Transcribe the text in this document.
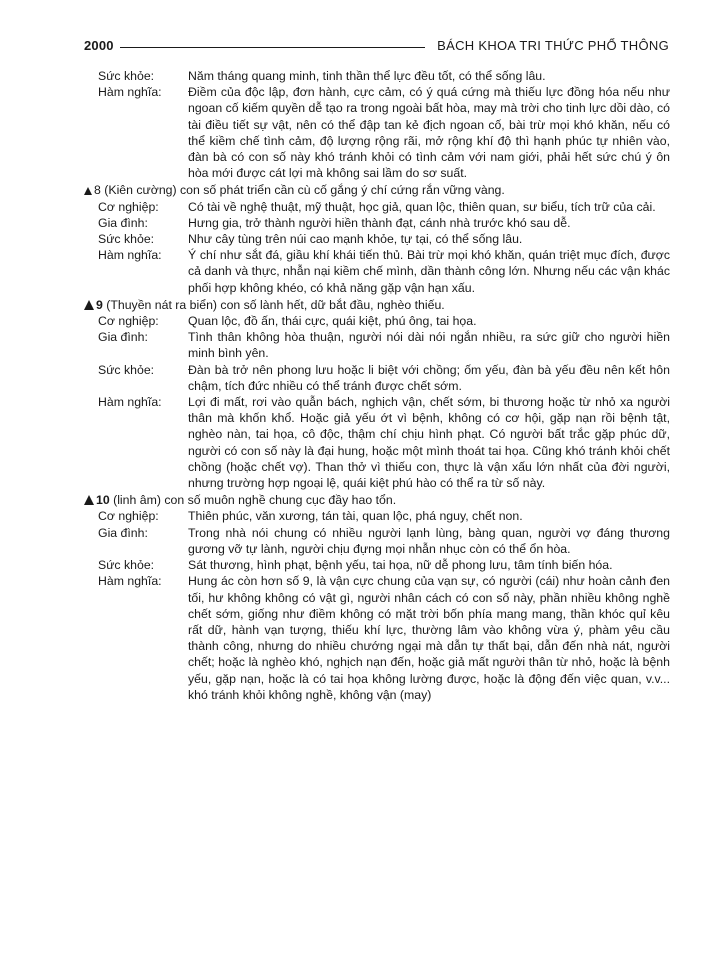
2000	BÁCH KHOA TRI THỨC PHỔ THÔNG
Sức khỏe:	Năm tháng quang minh, tinh thần thể lực đều tốt, có thể sống lâu.
Hàm nghĩa:	Điềm của độc lập, đơn hành, cực cảm, có ý quá cứng mà thiếu lực đồng hóa nếu như ngoan cố kiếm quyền dễ tạo ra trong ngoài bất hòa, may mà trời cho tinh lực dồi dào, có tài điều tiết sự vật, nên có thể đập tan kẻ địch ngoan cố, bài trừ mọi khó khăn, nếu có thể kiềm chế tình cảm, độ lượng rộng rãi, mở rộng khí độ thì hạnh phúc tự nhiên vào, đàn bà có con số này khó tránh khỏi có tình cảm với nam giới, phải hết sức chú ý ôn hòa mới được cát lợi mà không sai lầm do sơ suất.
8
(Kiên cường) con số phát triển cần cù cố gắng ý chí cứng rắn vững vàng.
Cơ nghiệp:	Có tài về nghệ thuật, mỹ thuật, học giả, quan lộc, thiên quan, sư biểu, tích trữ của cải.
Gia đình:	Hưng gia, trở thành người hiền thành đạt, cánh nhà trước khó sau dễ.
Sức khỏe:	Như cây tùng trên núi cao mạnh khỏe, tự tại, có thể sống lâu.
Hàm nghĩa:	Ý chí như sắt đá, giầu khí khái tiến thủ. Bài trừ mọi khó khăn, quán triệt mục đích, được cả danh và thực, nhẫn nại kiềm chế mình, dần thành công lớn. Nhưng nếu các vận khác phối hợp không khéo, có khả năng gặp vận hạn xấu.
9
(Thuyền nát ra biển) con số lành hết, dữ bắt đầu, nghèo thiếu.
Cơ nghiệp:	Quan lộc, đồ ấn, thái cực, quái kiệt, phú ông, tai họa.
Gia đình:	Tình thân không hòa thuận, người nói dài nói ngắn nhiều, ra sức giữ cho người hiền minh bình yên.
Sức khỏe:	Đàn bà trở nên phong lưu hoặc li biệt với chồng; ốm yếu, đàn bà yếu đều nên kết hôn chậm, tích đức nhiều có thể tránh được chết sớm.
Hàm nghĩa:	Lợi đi mất, rơi vào quẫn bách, nghịch vận, chết sớm, bi thương hoặc từ nhỏ xa người thân mà khốn khổ. Hoặc giả yếu ớt vì bệnh, không có cơ hội, gặp nạn rồi bệnh tật, nghèo nàn, tai họa, cô độc, thậm chí chịu hình phạt. Có người bất trắc gặp phúc dữ, người có con số này là đại hung, hoặc một mình thoát tai họa. Cũng khó tránh khỏi chết chồng (hoặc chết vợ). Than thở vì thiếu con, thực là vận xấu lớn nhất của đời người, nhưng trường hợp ngoại lệ, quái kiệt phú hào có thể ra từ số này.
10
(linh âm) con số muôn nghề chung cục đầy hao tổn.
Cơ nghiệp:	Thiên phúc, văn xương, tán tài, quan lộc, phá nguy, chết non.
Gia đình:	Trong nhà nói chung có nhiều người lạnh lùng, bàng quan, người vợ đáng thương gương vỡ tự lành, người chịu đựng mọi nhẫn nhục còn có thể ổn hòa.
Sức khỏe:	Sát thương, hình phạt, bệnh yếu, tai họa, nữ dễ phong lưu, tâm tính biến hóa.
Hàm nghĩa:	Hung ác còn hơn số 9, là vận cực chung của vạn sự, có người (cái) như hoàn cảnh đen tối, hư không không có vật gì, người nhân cách có con số này, phần nhiều không nghề chết sớm, giống như điềm không có mặt trời bốn phía mang mang, thần khóc quỉ kêu rất dữ, hành vạn tượng, thiếu khí lực, thường lâm vào không vừa ý, phàm yêu cầu thành công, nhưng do nhiều chướng ngại mà dẫn tự thất bại, dẫn đến nhà nát, người chết; hoặc là nghèo khó, nghịch nạn đến, hoặc giả mất người thân từ nhỏ, hoặc là bệnh yếu, gặp nạn, hoặc là có tai họa không lường được, hoặc là động đến việc quan, v.v... khó tránh khỏi không nghề, không vận (may)
